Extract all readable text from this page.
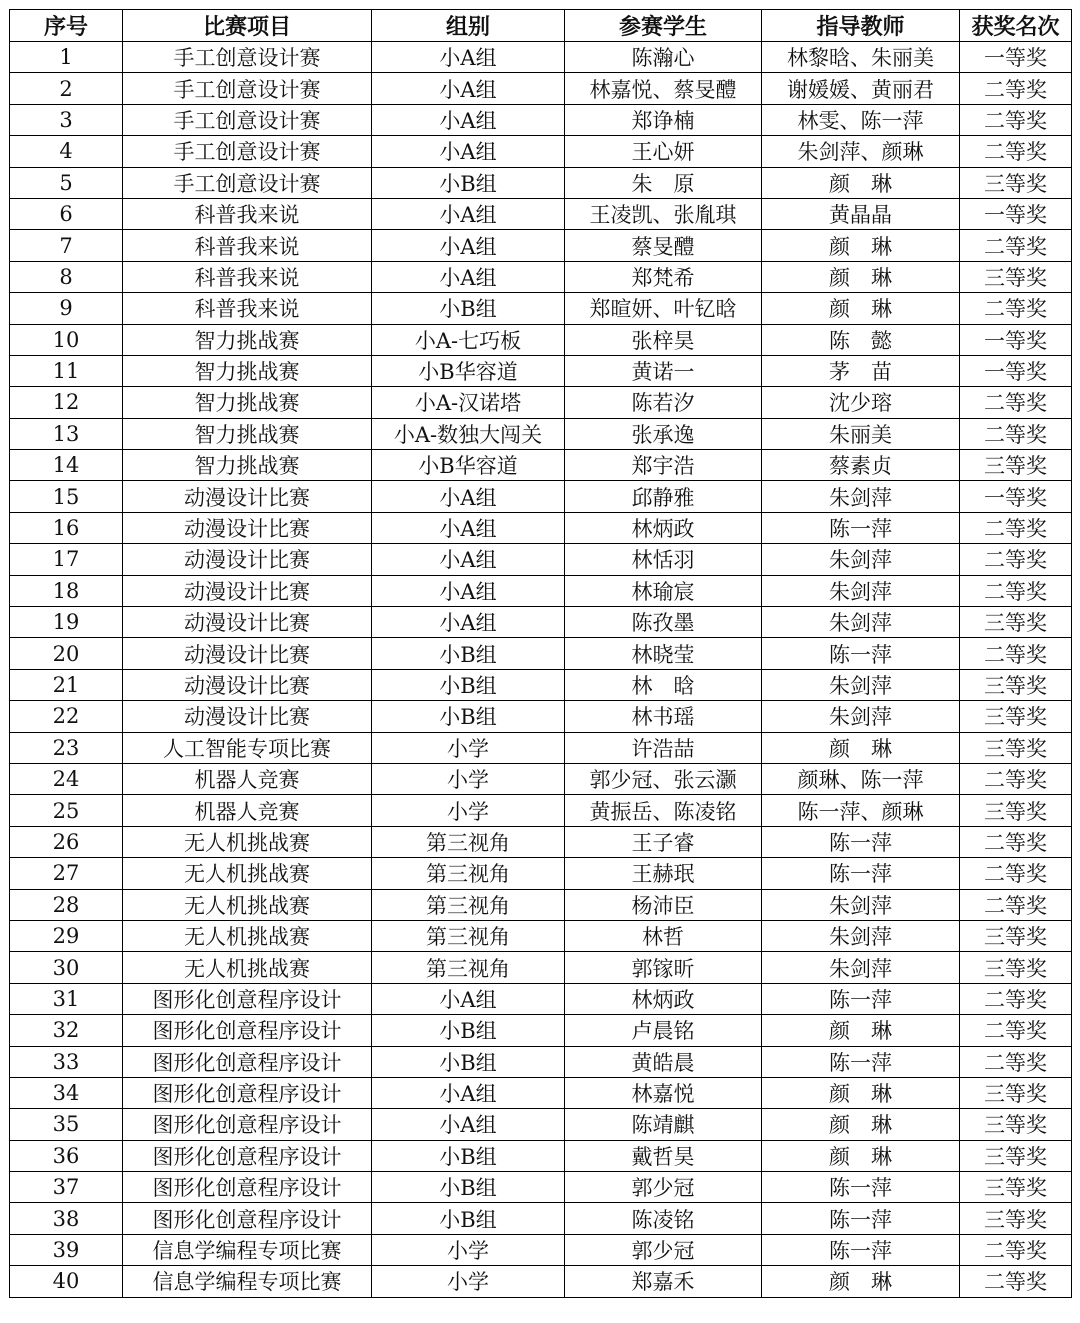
序号	比赛项目	组别	参赛学生	指导教师	获奖名次
1	手工创意设计赛	小A组	陈瀚心	林黎晗、朱丽美	一等奖
2	手工创意设计赛	小A组	林嘉悦、蔡旻醴	谢媛媛、黄丽君	二等奖
3	手工创意设计赛	小A组	郑诤楠	林雯、陈一萍	二等奖
4	手工创意设计赛	小A组	王心妍	朱剑萍、颜琳	二等奖
5	手工创意设计赛	小B组	朱　原	颜　琳	三等奖
6	科普我来说	小A组	王凌凯、张胤琪	黄晶晶	一等奖
7	科普我来说	小A组	蔡旻醴	颜　琳	二等奖
8	科普我来说	小A组	郑梵希	颜　琳	三等奖
9	科普我来说	小B组	郑暄妍、叶钇晗	颜　琳	二等奖
10	智力挑战赛	小A-七巧板	张梓昊	陈　懿	一等奖
11	智力挑战赛	小B华容道	黄诺一	茅　苗	一等奖
12	智力挑战赛	小A-汉诺塔	陈若汐	沈少瑢	二等奖
13	智力挑战赛	小A-数独大闯关	张承逸	朱丽美	二等奖
14	智力挑战赛	小B华容道	郑宇浩	蔡素贞	三等奖
15	动漫设计比赛	小A组	邱静雅	朱剑萍	一等奖
16	动漫设计比赛	小A组	林炳政	陈一萍	二等奖
17	动漫设计比赛	小A组	林恬羽	朱剑萍	二等奖
18	动漫设计比赛	小A组	林瑜宸	朱剑萍	二等奖
19	动漫设计比赛	小A组	陈孜墨	朱剑萍	三等奖
20	动漫设计比赛	小B组	林晓莹	陈一萍	二等奖
21	动漫设计比赛	小B组	林　晗	朱剑萍	三等奖
22	动漫设计比赛	小B组	林书瑶	朱剑萍	三等奖
23	人工智能专项比赛	小学	许浩喆	颜　琳	三等奖
24	机器人竞赛	小学	郭少冠、张云灏	颜琳、陈一萍	二等奖
25	机器人竞赛	小学	黄振岳、陈凌铭	陈一萍、颜琳	三等奖
26	无人机挑战赛	第三视角	王子睿	陈一萍	二等奖
27	无人机挑战赛	第三视角	王赫珉	陈一萍	二等奖
28	无人机挑战赛	第三视角	杨沛臣	朱剑萍	二等奖
29	无人机挑战赛	第三视角	林哲	朱剑萍	三等奖
30	无人机挑战赛	第三视角	郭镓昕	朱剑萍	三等奖
31	图形化创意程序设计	小A组	林炳政	陈一萍	二等奖
32	图形化创意程序设计	小B组	卢晨铭	颜　琳	二等奖
33	图形化创意程序设计	小B组	黄皓晨	陈一萍	二等奖
34	图形化创意程序设计	小A组	林嘉悦	颜　琳	三等奖
35	图形化创意程序设计	小A组	陈靖麒	颜　琳	三等奖
36	图形化创意程序设计	小B组	戴哲昊	颜　琳	三等奖
37	图形化创意程序设计	小B组	郭少冠	陈一萍	三等奖
38	图形化创意程序设计	小B组	陈凌铭	陈一萍	三等奖
39	信息学编程专项比赛	小学	郭少冠	陈一萍	二等奖
40	信息学编程专项比赛	小学	郑嘉禾	颜　琳	二等奖
